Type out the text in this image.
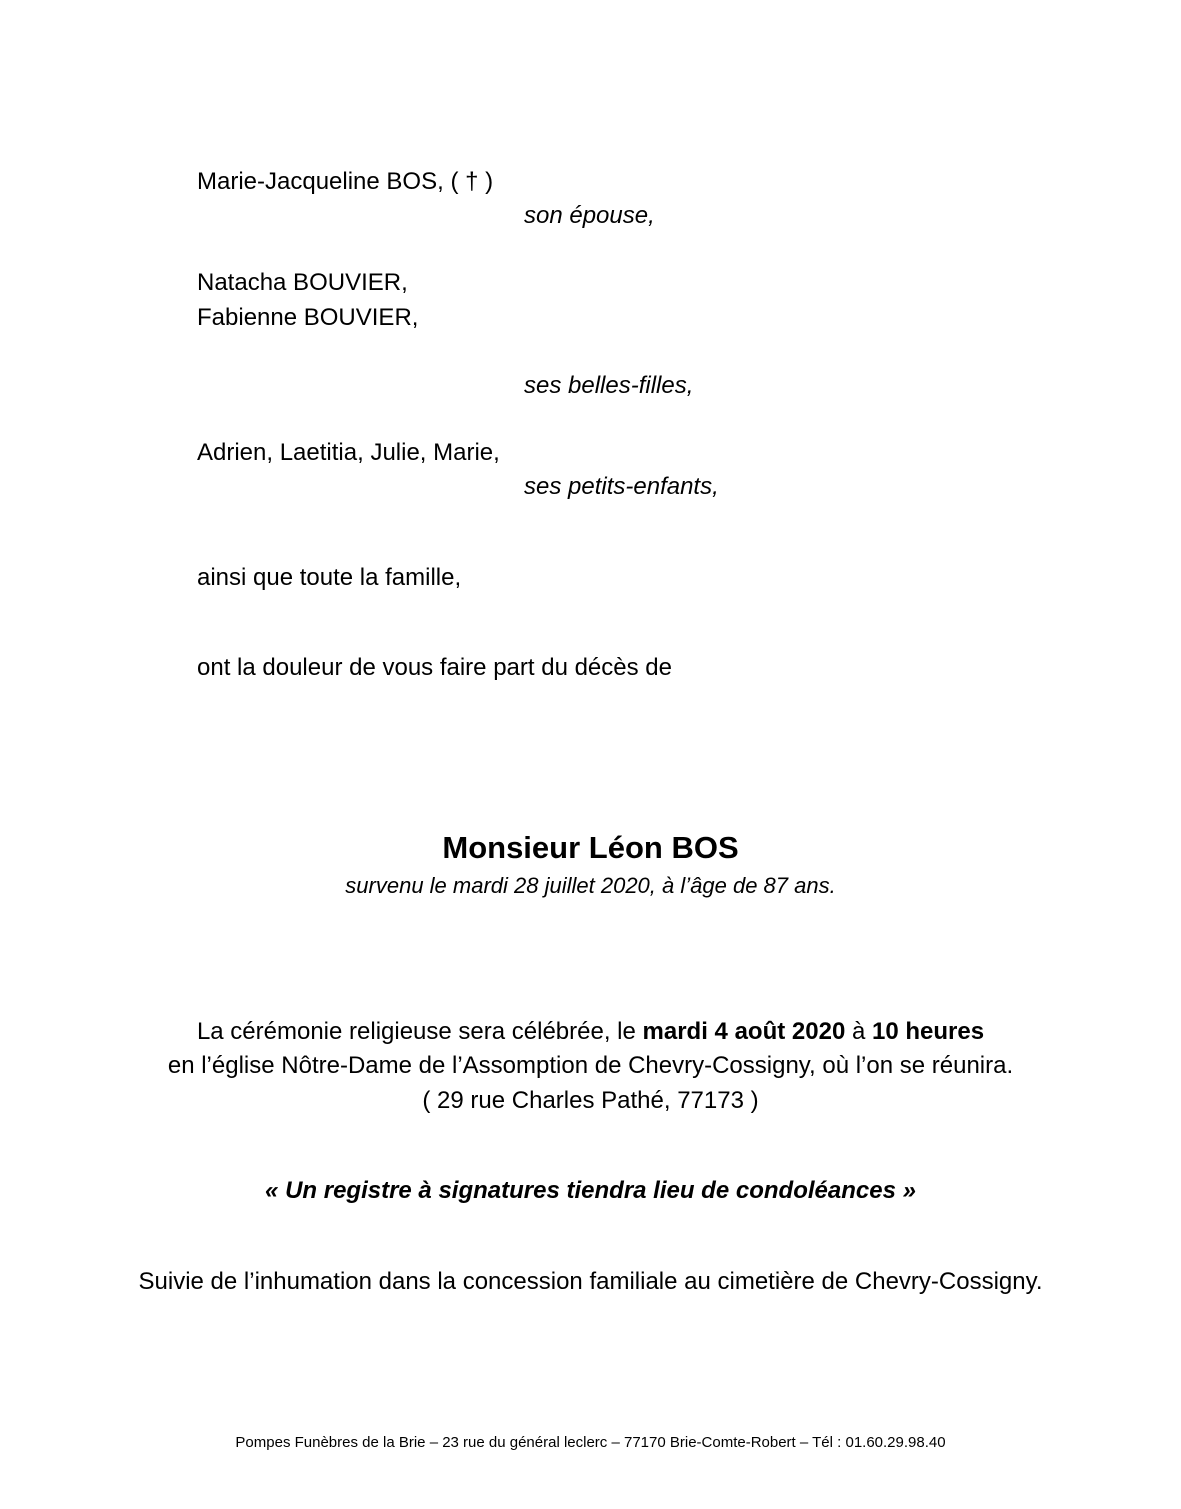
Marie-Jacqueline BOS, ( † )
son épouse,
Natacha BOUVIER,
Fabienne BOUVIER,
ses belles-filles,
Adrien, Laetitia, Julie, Marie,
ses petits-enfants,
ainsi que toute la famille,
ont la douleur de vous faire part du décès de
Monsieur Léon BOS
survenu le mardi 28 juillet 2020, à l’âge de 87 ans.
La cérémonie religieuse sera célébrée, le mardi 4 août 2020 à 10 heures
en l’église Nôtre-Dame de l’Assomption de Chevry-Cossigny, où l’on se réunira.
( 29 rue Charles Pathé, 77173 )
« Un registre à signatures tiendra lieu de condoléances »
Suivie de l’inhumation dans la concession familiale au cimetière de Chevry-Cossigny.
Pompes Funèbres de la Brie – 23 rue du général leclerc – 77170 Brie-Comte-Robert – Tél : 01.60.29.98.40
